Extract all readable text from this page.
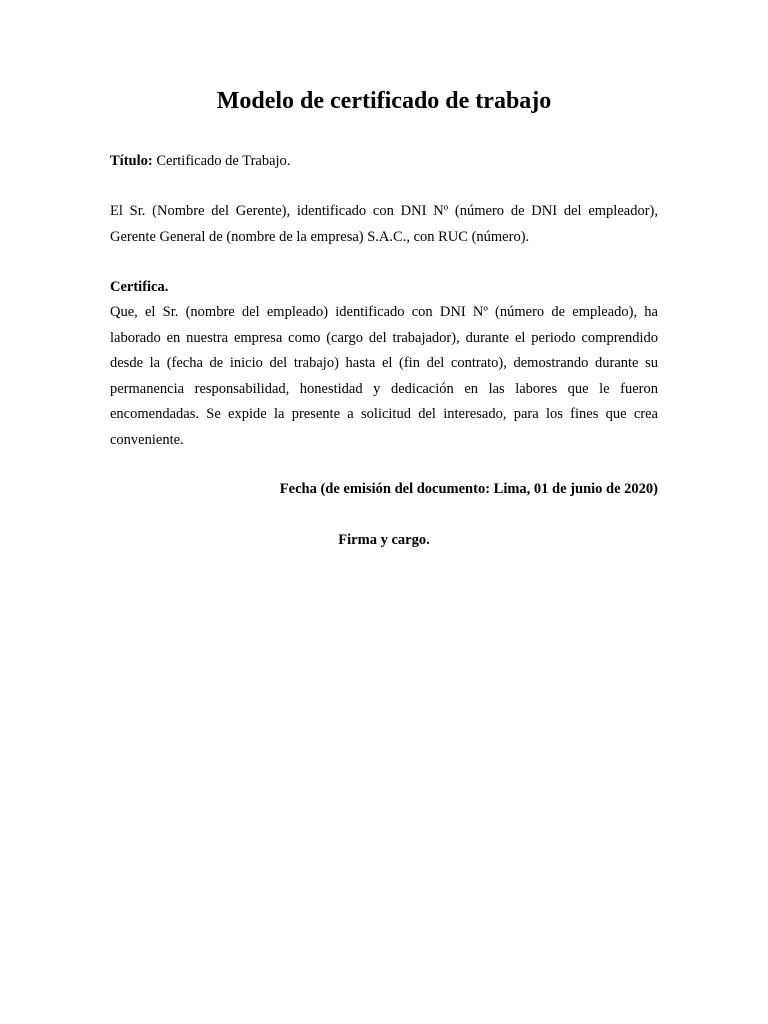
Modelo de certificado de trabajo

Título: Certificado de Trabajo.

El Sr. (Nombre del Gerente), identificado con DNI Nº (número de DNI del empleador), Gerente General de (nombre de la empresa) S.A.C., con RUC (número).

Certifica.

Que, el Sr. (nombre del empleado) identificado con DNI Nº (número de empleado), ha laborado en nuestra empresa como (cargo del trabajador), durante el periodo comprendido desde la (fecha de inicio del trabajo) hasta el (fin del contrato), demostrando durante su permanencia responsabilidad, honestidad y dedicación en las labores que le fueron encomendadas. Se expide la presente a solicitud del interesado, para los fines que crea conveniente.

Fecha (de emisión del documento: Lima, 01 de junio de 2020)

Firma y cargo.
